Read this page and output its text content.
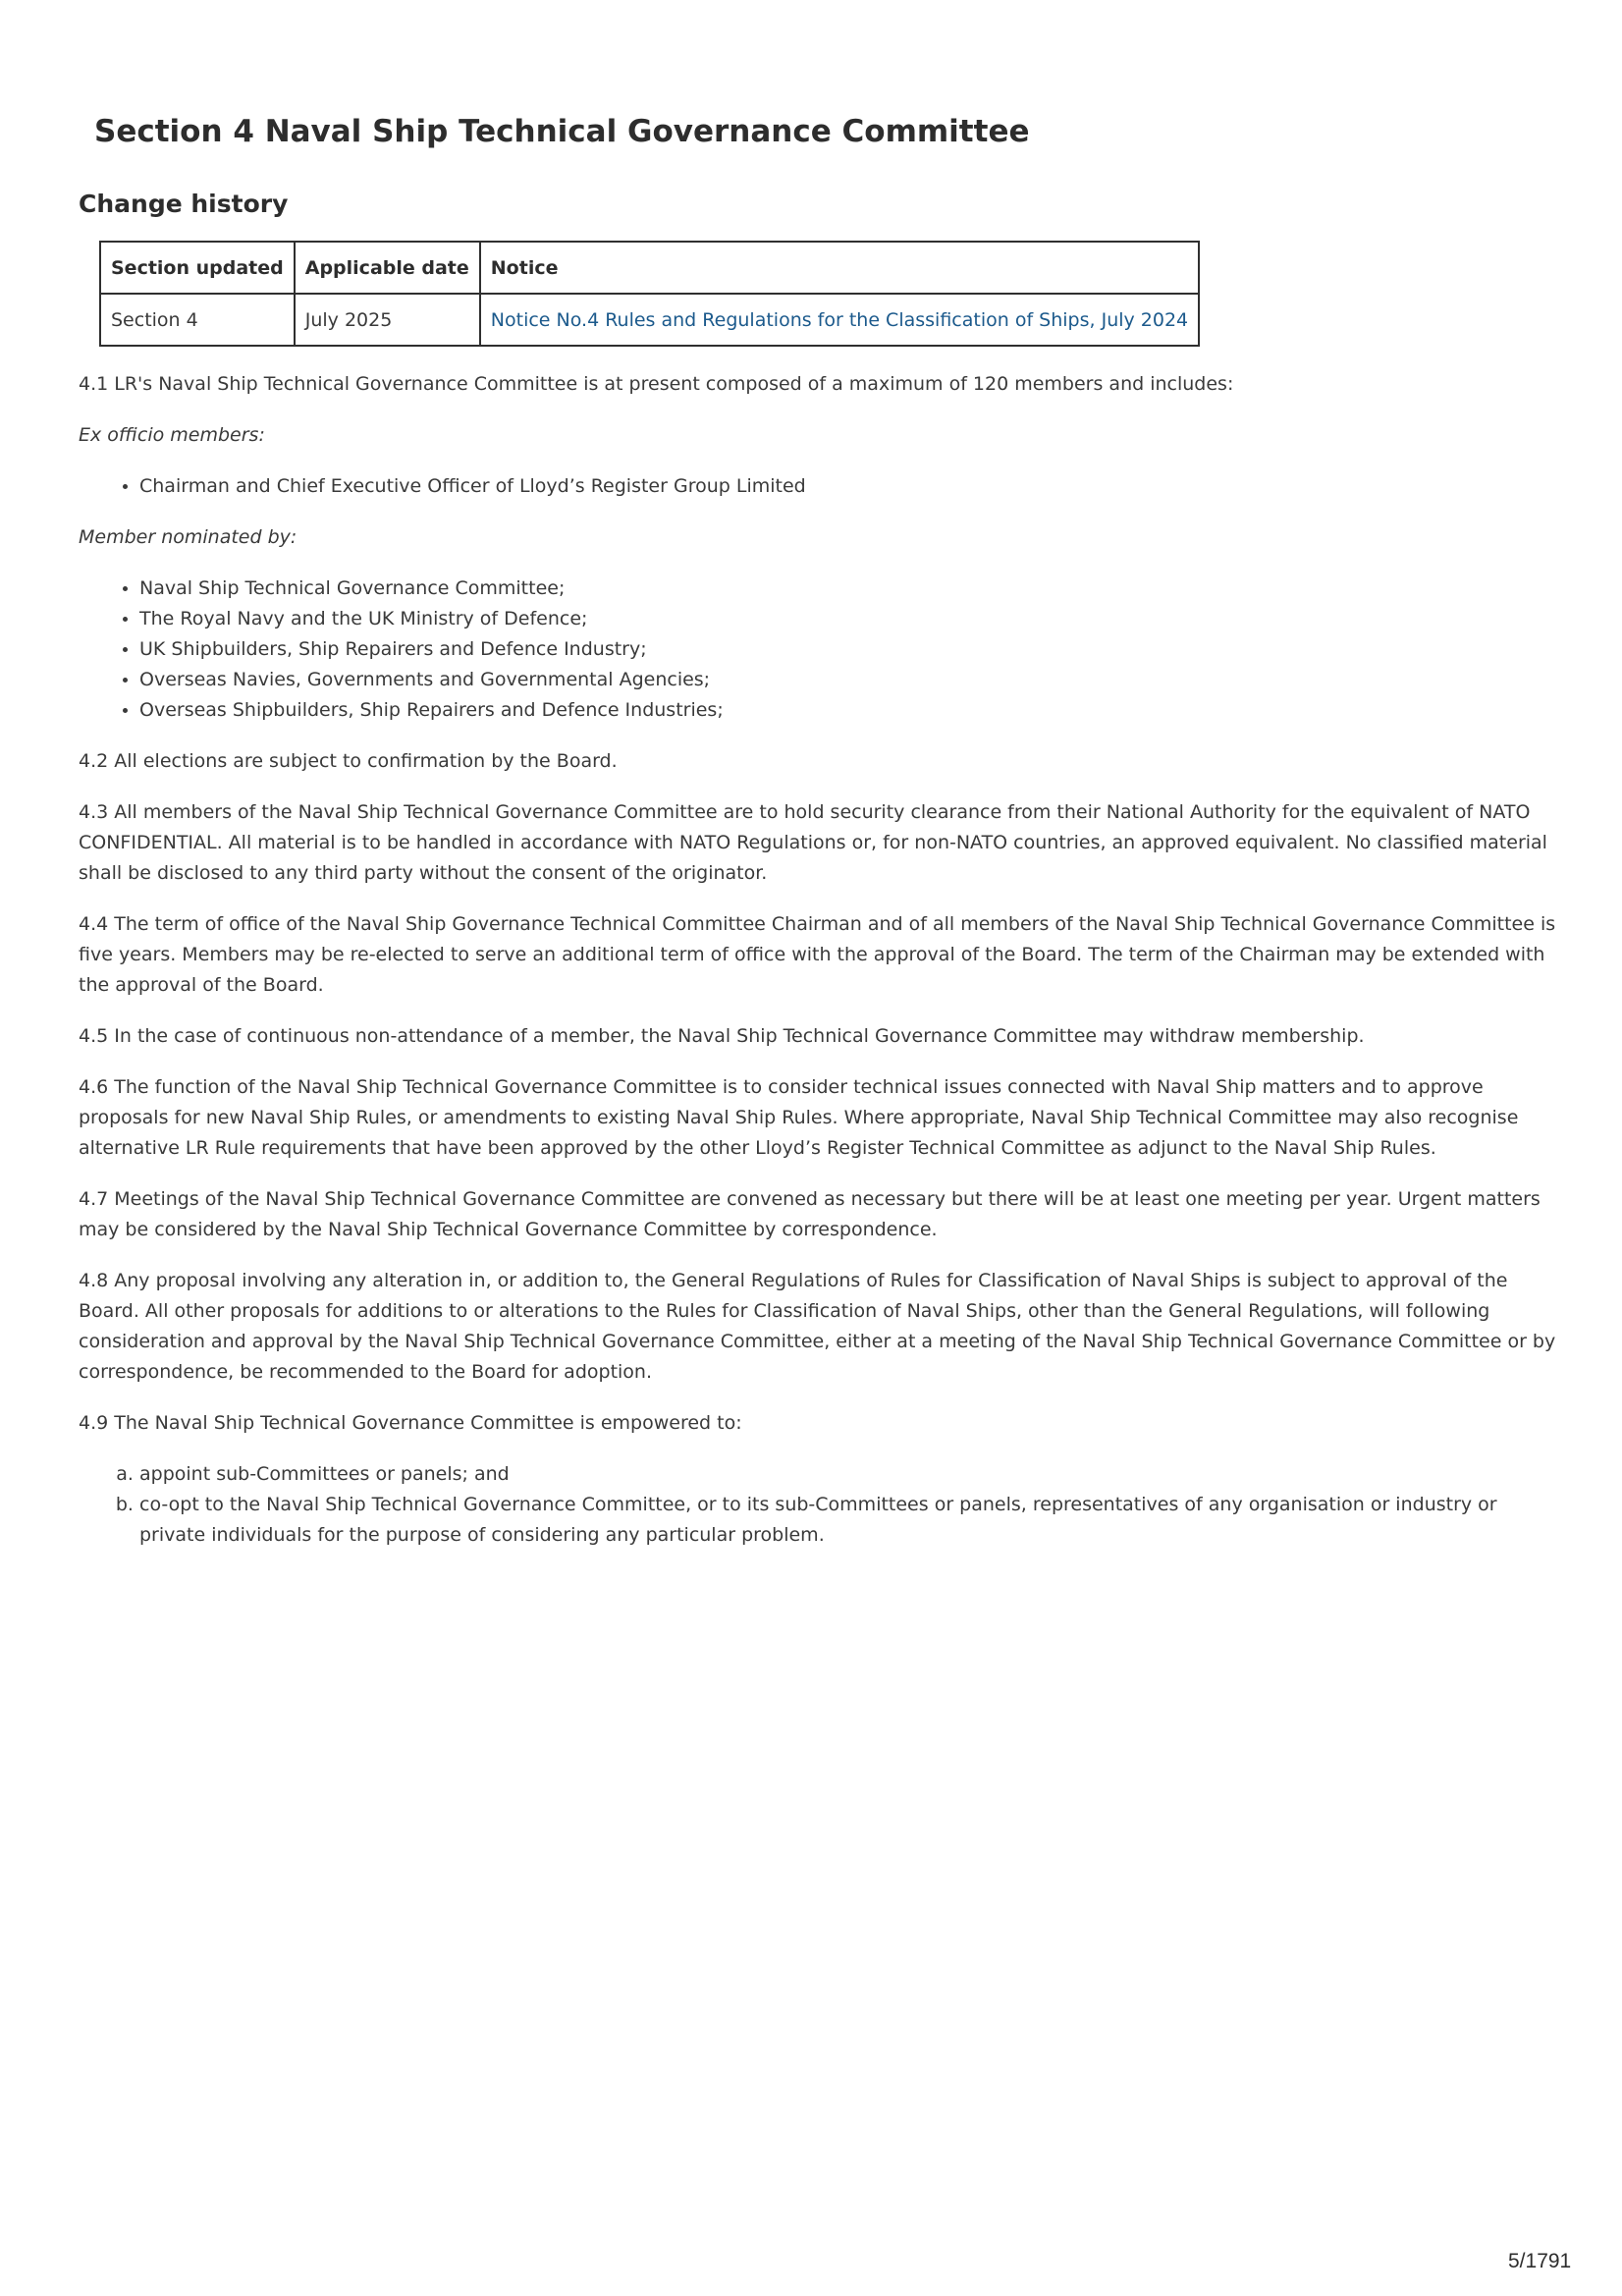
Section 4 Naval Ship Technical Governance Committee
Change history
Section updated	Applicable date	Notice
Section 4	July 2025	Notice No.4 Rules and Regulations for the Classification of Ships, July 2024

4.1 LR's Naval Ship Technical Governance Committee is at present composed of a maximum of 120 members and includes:

Ex officio members:

• Chairman and Chief Executive Officer of Lloyd’s Register Group Limited

Member nominated by:

• Naval Ship Technical Governance Committee;
• The Royal Navy and the UK Ministry of Defence;
• UK Shipbuilders, Ship Repairers and Defence Industry;
• Overseas Navies, Governments and Governmental Agencies;
• Overseas Shipbuilders, Ship Repairers and Defence Industries;

4.2 All elections are subject to confirmation by the Board.

4.3 All members of the Naval Ship Technical Governance Committee are to hold security clearance from their National Authority for the equivalent of NATO CONFIDENTIAL. All material is to be handled in accordance with NATO Regulations or, for non-NATO countries, an approved equivalent. No classified material shall be disclosed to any third party without the consent of the originator.

4.4 The term of office of the Naval Ship Governance Technical Committee Chairman and of all members of the Naval Ship Technical Governance Committee is five years. Members may be re-elected to serve an additional term of office with the approval of the Board. The term of the Chairman may be extended with the approval of the Board.

4.5 In the case of continuous non-attendance of a member, the Naval Ship Technical Governance Committee may withdraw membership.

4.6 The function of the Naval Ship Technical Governance Committee is to consider technical issues connected with Naval Ship matters and to approve proposals for new Naval Ship Rules, or amendments to existing Naval Ship Rules. Where appropriate, Naval Ship Technical Committee may also recognise alternative LR Rule requirements that have been approved by the other Lloyd’s Register Technical Committee as adjunct to the Naval Ship Rules.

4.7 Meetings of the Naval Ship Technical Governance Committee are convened as necessary but there will be at least one meeting per year. Urgent matters may be considered by the Naval Ship Technical Governance Committee by correspondence.

4.8 Any proposal involving any alteration in, or addition to, the General Regulations of Rules for Classification of Naval Ships is subject to approval of the Board. All other proposals for additions to or alterations to the Rules for Classification of Naval Ships, other than the General Regulations, will following consideration and approval by the Naval Ship Technical Governance Committee, either at a meeting of the Naval Ship Technical Governance Committee or by correspondence, be recommended to the Board for adoption.

4.9 The Naval Ship Technical Governance Committee is empowered to:

a. appoint sub-Committees or panels; and
b. co-opt to the Naval Ship Technical Governance Committee, or to its sub-Committees or panels, representatives of any organisation or industry or private individuals for the purpose of considering any particular problem.
5/1791
